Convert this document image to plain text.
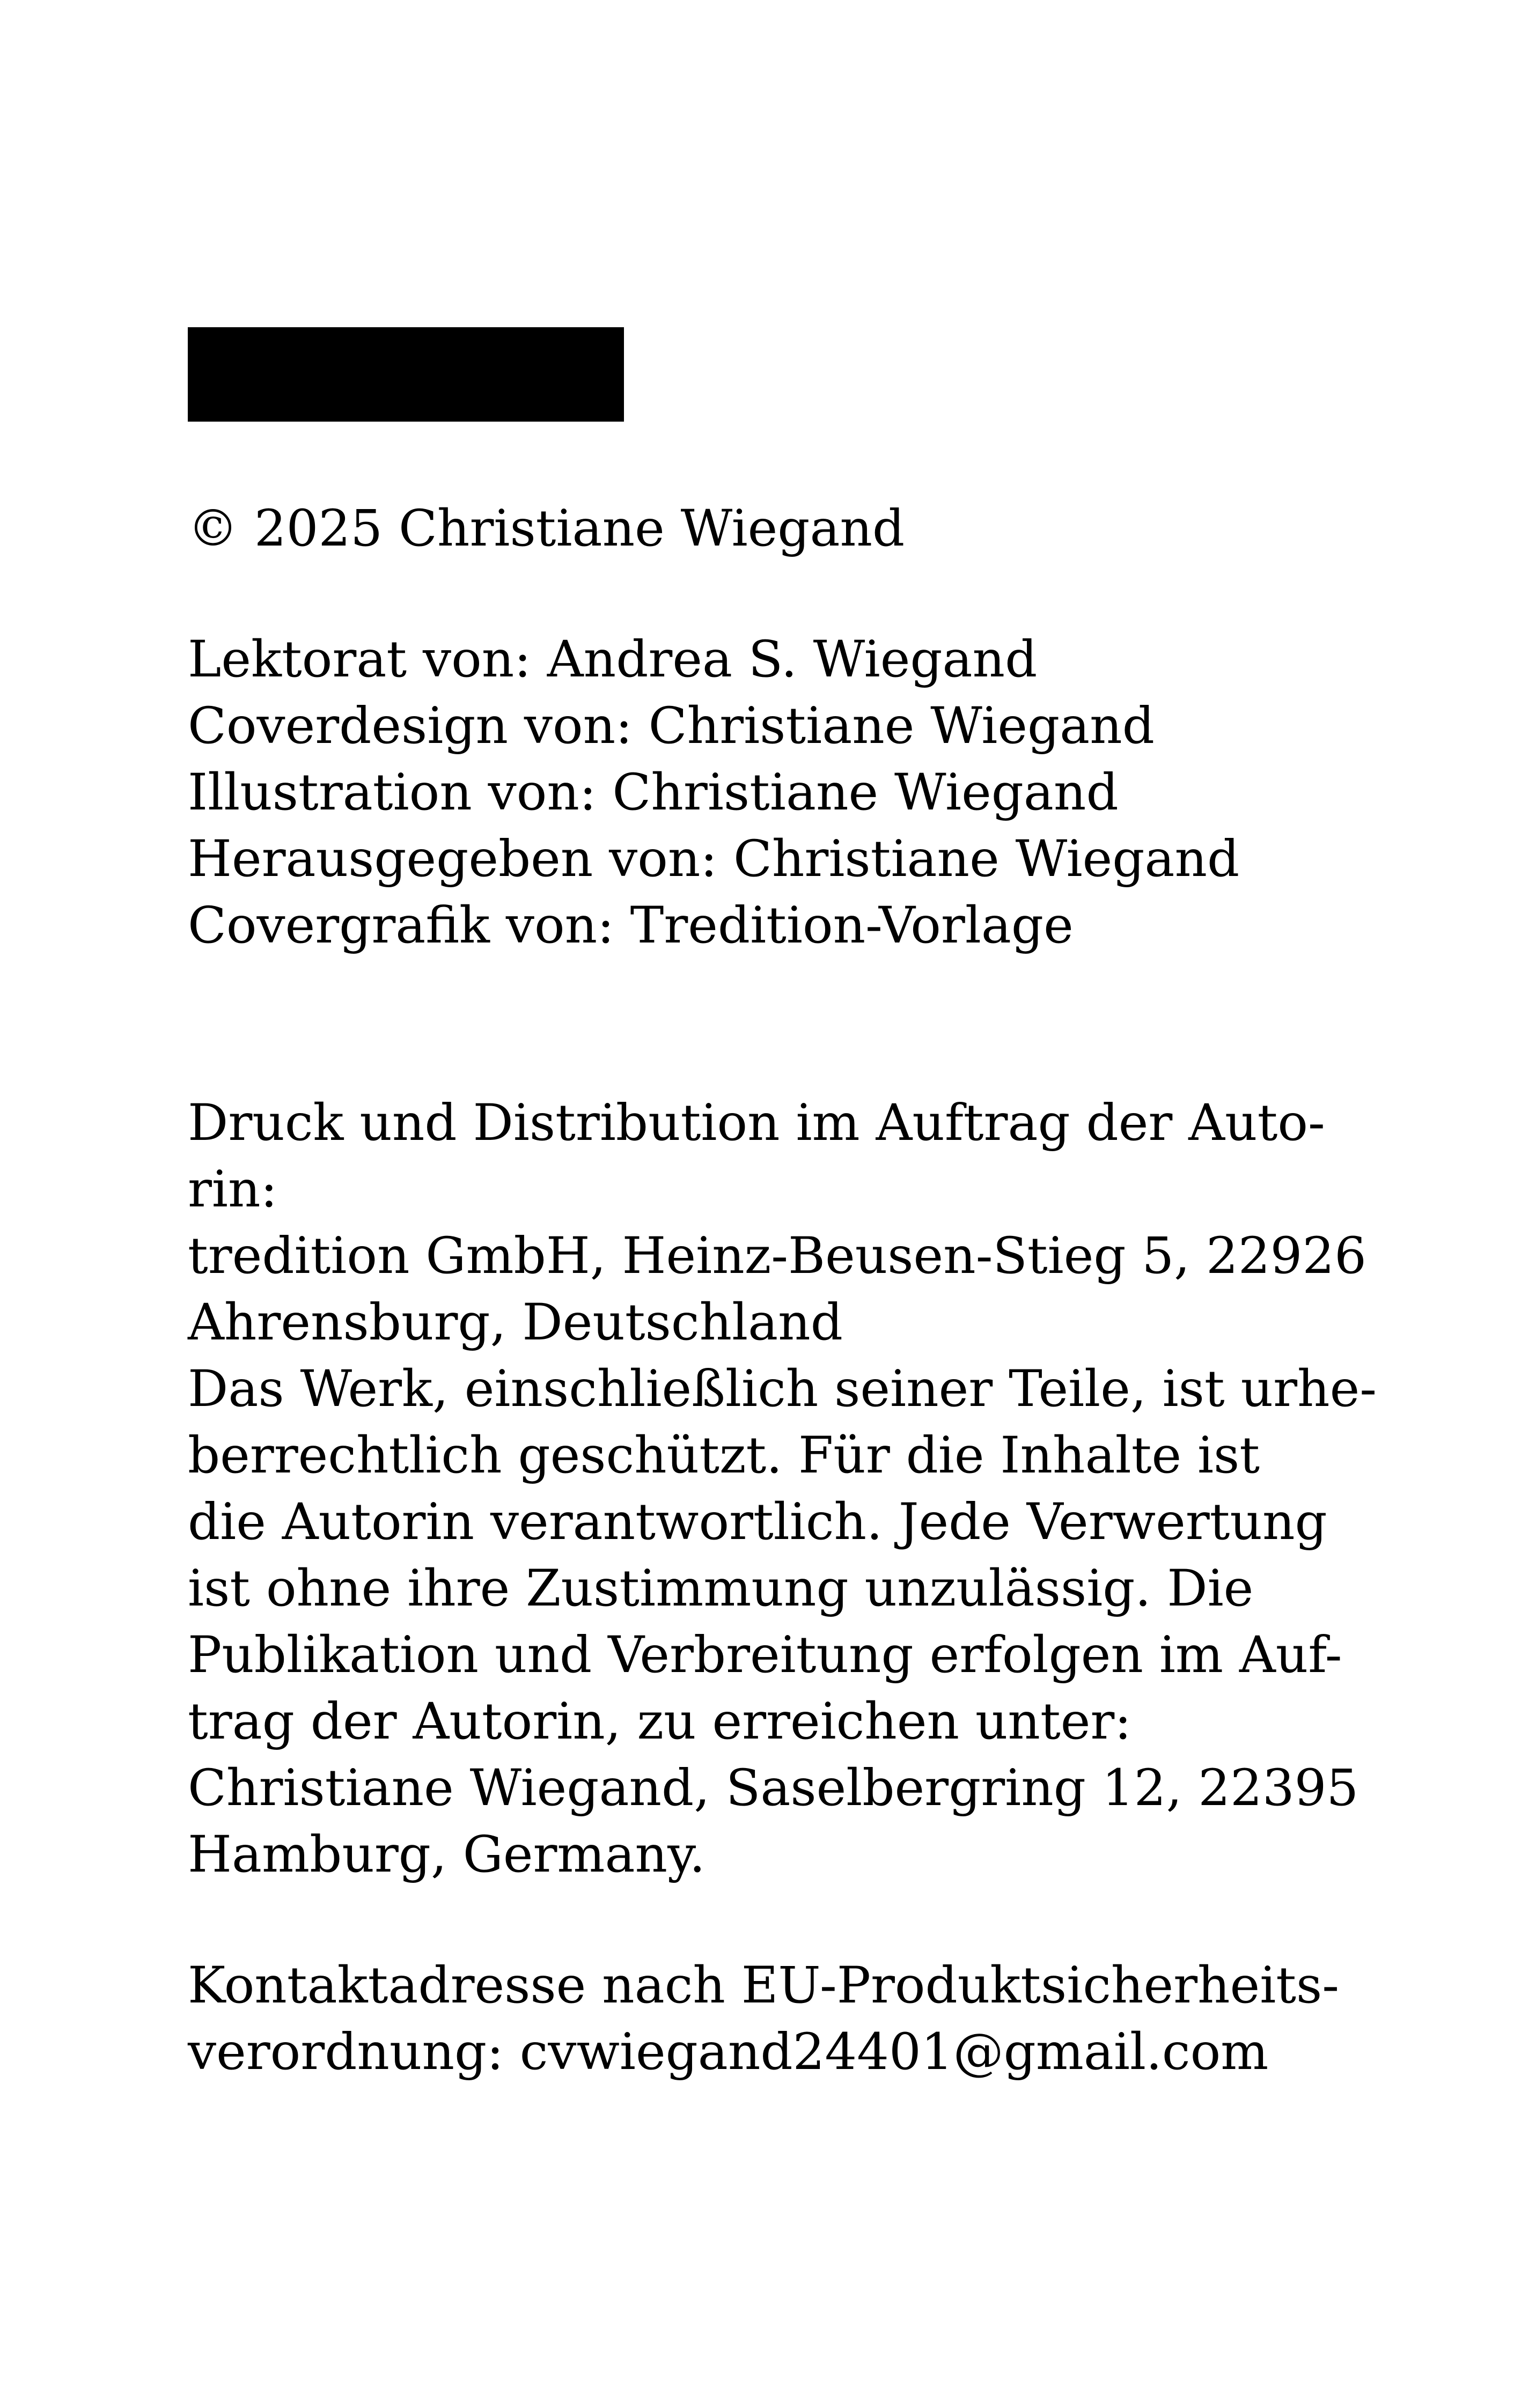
© 2025 Christiane Wiegand
Lektorat von: Andrea S. Wiegand
Coverdesign von: Christiane Wiegand
Illustration von: Christiane Wiegand
Herausgegeben von: Christiane Wiegand
Covergrafik von: Tredition-Vorlage
Druck und Distribution im Auftrag der Auto-
rin:
tredition GmbH, Heinz-Beusen-Stieg 5, 22926
Ahrensburg, Deutschland
Das Werk, einschließlich seiner Teile, ist urhe-
berrechtlich geschützt. Für die Inhalte ist
die Autorin verantwortlich. Jede Verwertung
ist ohne ihre Zustimmung unzulässig. Die
Publikation und Verbreitung erfolgen im Auf-
trag der Autorin, zu erreichen unter:
Christiane Wiegand, Saselbergring 12, 22395
Hamburg, Germany.
Kontaktadresse nach EU-Produktsicherheits-
verordnung: cvwiegand24401@gmail.com
